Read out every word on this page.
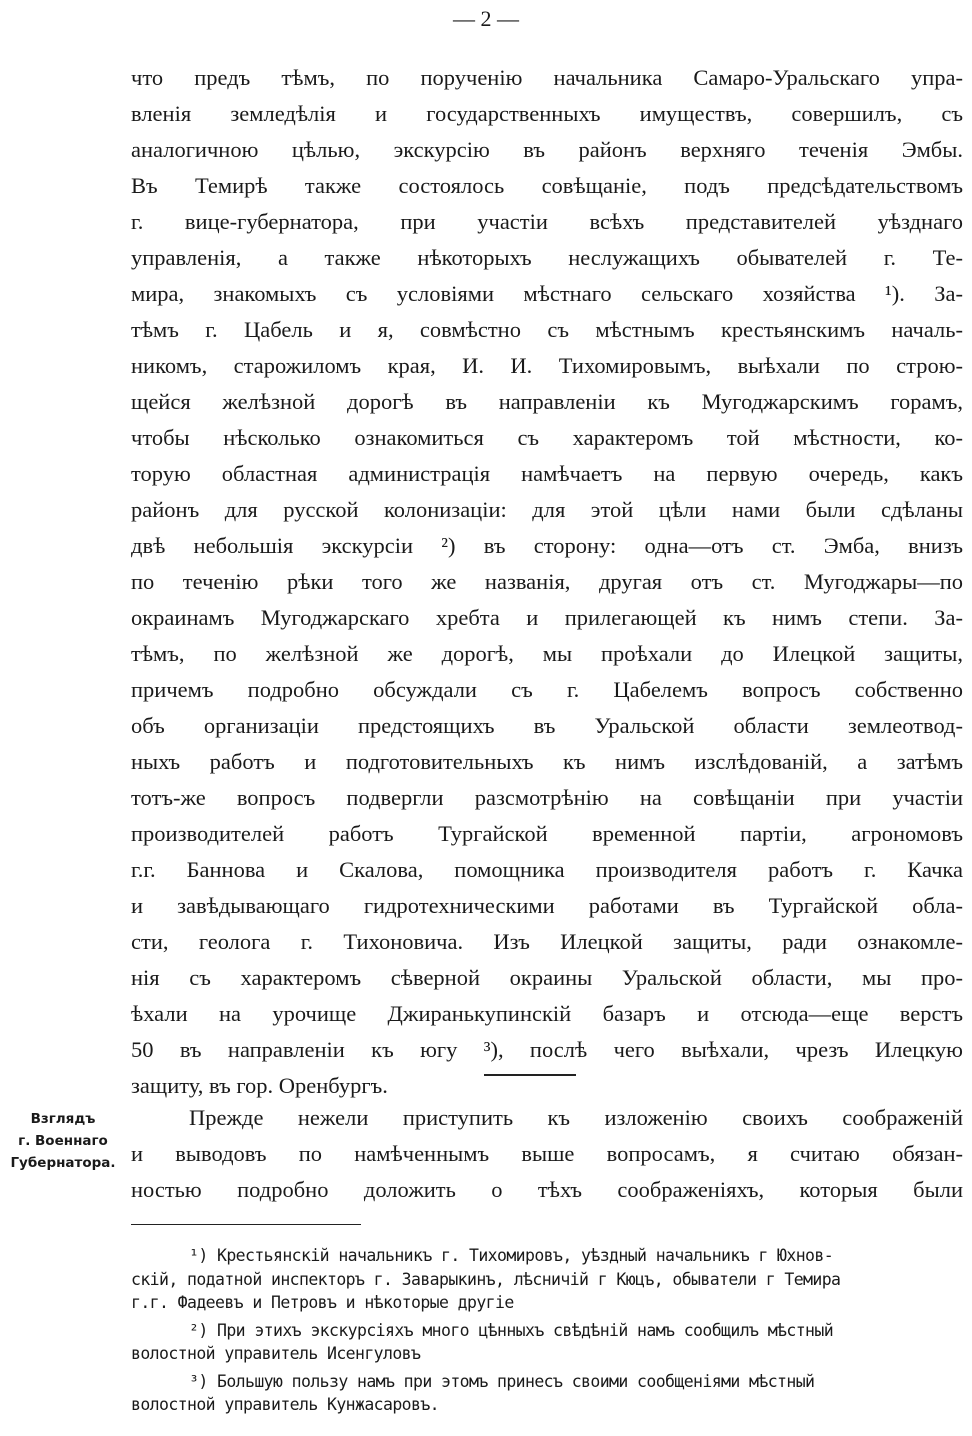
— 2 —
что предъ тѣмъ, по порученію начальника Самаро-Уральскаго упра-
вленія земледѣлія и государственныхъ имуществъ, совершилъ, съ
аналогичною цѣлью, экскурсію въ районъ верхняго теченія Эмбы.
Въ Темирѣ также состоялось совѣщаніе, подъ предсѣдательствомъ
г. вице-губернатора, при участіи всѣхъ представителей уѣзднаго
управленія, а также нѣкоторыхъ неслужащихъ обывателей г. Те-
мира, знакомыхъ съ условіями мѣстнаго сельскаго хозяйства ¹). За-
тѣмъ г. Цабель и я, совмѣстно съ мѣстнымъ крестьянскимъ началь-
никомъ, старожиломъ края, И. И. Тихомировымъ, выѣхали по строю-
щейся желѣзной дорогѣ въ направленіи къ Мугоджарскимъ горамъ,
чтобы нѣсколько ознакомиться съ характеромъ той мѣстности, ко-
торую областная администрація намѣчаетъ на первую очередь, какъ
районъ для русской колонизаціи: для этой цѣли нами были сдѣланы
двѣ небольшія экскурсіи ²) въ сторону: одна—отъ ст. Эмба, внизъ
по теченію рѣки того же названія, другая отъ ст. Мугоджары—по
окраинамъ Мугоджарскаго хребта и прилегающей къ нимъ степи. За-
тѣмъ, по желѣзной же дорогѣ, мы проѣхали до Илецкой защиты,
причемъ подробно обсуждали съ г. Цабелемъ вопросъ собственно
объ организаціи предстоящихъ въ Уральской области землеотвод-
ныхъ работъ и подготовительныхъ къ нимъ изслѣдованій, а затѣмъ
тотъ-же вопросъ подвергли разсмотрѣнію на совѣщаніи при участіи
производителей работъ Тургайской временной партіи, агрономовъ
г.г. Баннова и Скалова, помощника производителя работъ г. Качка
и завѣдывающаго гидротехническими работами въ Тургайской обла-
сти, геолога г. Тихоновича. Изъ Илецкой защиты, ради ознакомле-
нія съ характеромъ сѣверной окраины Уральской области, мы про-
ѣхали на урочище Джиранькупинскій базаръ и отсюда—еще верстъ
50 въ направленіи къ югу ³), послѣ чего выѣхали, чрезъ Илецкую
защиту, въ гор. Оренбургъ.
Взглядъ
г. Военнаго
Губернатора.
Прежде нежели приступить къ изложенію своихъ соображеній
и выводовъ по намѣченнымъ выше вопросамъ, я считаю обязан-
ностью подробно доложить о тѣхъ соображеніяхъ, которыя были
¹) Крестьянскій начальникъ г. Тихомировъ, уѣздный начальникъ г Юхнов-
скій, податной инспекторъ г. Заварыкинъ, лѣсничій г Кюцъ, обыватели г Темира
г.г. Фадеевъ и Петровъ и нѣкоторые другіе
²) При этихъ экскурсіяхъ много цѣнныхъ свѣдѣній намъ сообщилъ мѣстный
волостной управитель Исенгуловъ
³) Большую пользу намъ при этомъ принесъ своими сообщеніями мѣстный
волостной управитель Кунжасаровъ.
